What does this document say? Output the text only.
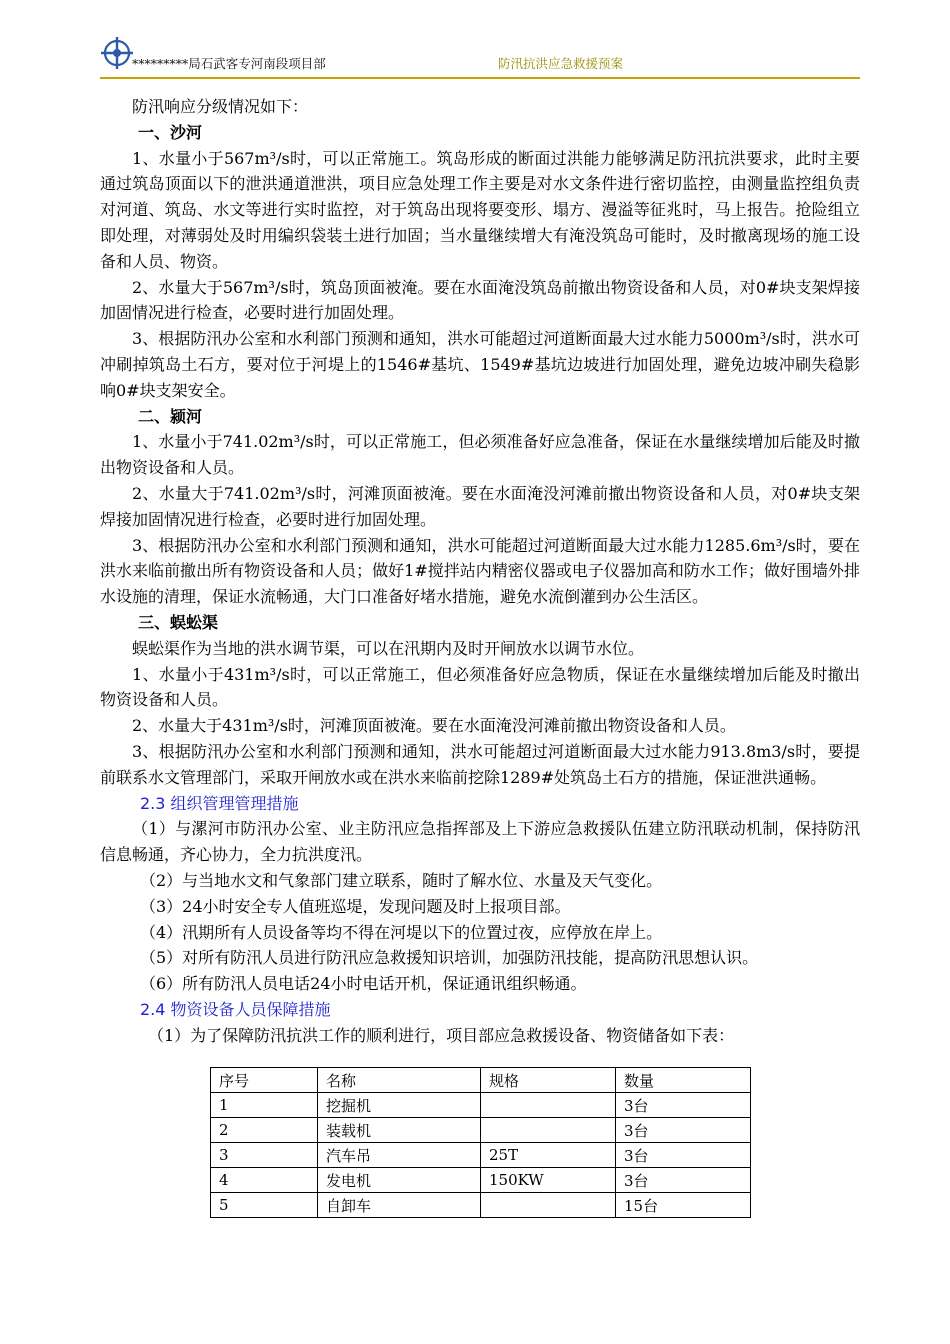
*********局石武客专河南段项目部	防汛抗洪应急救援预案

防汛响应分级情况如下：

一、沙河

1、水量小于567m³/s时，可以正常施工。筑岛形成的断面过洪能力能够满足防汛抗洪要求，此时主要通过筑岛顶面以下的泄洪通道泄洪，项目应急处理工作主要是对水文条件进行密切监控，由测量监控组负责对河道、筑岛、水文等进行实时监控，对于筑岛出现将要变形、塌方、漫溢等征兆时，马上报告。抢险组立即处理，对薄弱处及时用编织袋装土进行加固；当水量继续增大有淹没筑岛可能时，及时撤离现场的施工设备和人员、物资。

2、水量大于567m³/s时，筑岛顶面被淹。要在水面淹没筑岛前撤出物资设备和人员，对0#块支架焊接加固情况进行检查，必要时进行加固处理。

3、根据防汛办公室和水利部门预测和通知，洪水可能超过河道断面最大过水能力5000m³/s时，洪水可冲刷掉筑岛土石方，要对位于河堤上的1546#基坑、1549#基坑边坡进行加固处理，避免边坡冲刷失稳影响0#块支架安全。

二、颍河

1、水量小于741.02m³/s时，可以正常施工，但必须准备好应急准备，保证在水量继续增加后能及时撤出物资设备和人员。

2、水量大于741.02m³/s时，河滩顶面被淹。要在水面淹没河滩前撤出物资设备和人员，对0#块支架焊接加固情况进行检查，必要时进行加固处理。

3、根据防汛办公室和水利部门预测和通知，洪水可能超过河道断面最大过水能力1285.6m³/s时，要在洪水来临前撤出所有物资设备和人员；做好1#搅拌站内精密仪器或电子仪器加高和防水工作；做好围墙外排水设施的清理，保证水流畅通，大门口准备好堵水措施，避免水流倒灌到办公生活区。

三、蜈蚣渠

蜈蚣渠作为当地的洪水调节渠，可以在汛期内及时开闸放水以调节水位。

1、水量小于431m³/s时，可以正常施工，但必须准备好应急物质，保证在水量继续增加后能及时撤出物资设备和人员。

2、水量大于431m³/s时，河滩顶面被淹。要在水面淹没河滩前撤出物资设备和人员。

3、根据防汛办公室和水利部门预测和通知，洪水可能超过河道断面最大过水能力913.8m3/s时，要提前联系水文管理部门，采取开闸放水或在洪水来临前挖除1289#处筑岛土石方的措施，保证泄洪通畅。

2.3 组织管理管理措施

（1）与漯河市防汛办公室、业主防汛应急指挥部及上下游应急救援队伍建立防汛联动机制，保持防汛信息畅通，齐心协力，全力抗洪度汛。

（2）与当地水文和气象部门建立联系，随时了解水位、水量及天气变化。

（3）24小时安全专人值班巡堤，发现问题及时上报项目部。

（4）汛期所有人员设备等均不得在河堤以下的位置过夜，应停放在岸上。

（5）对所有防汛人员进行防汛应急救援知识培训，加强防汛技能，提高防汛思想认识。

（6）所有防汛人员电话24小时电话开机，保证通讯组织畅通。

2.4 物资设备人员保障措施

（1）为了保障防汛抗洪工作的顺利进行，项目部应急救援设备、物资储备如下表：

序号	名称	规格	数量
1	挖掘机		3台
2	装载机		3台
3	汽车吊	25T	3台
4	发电机	150KW	3台
5	自卸车		15台
